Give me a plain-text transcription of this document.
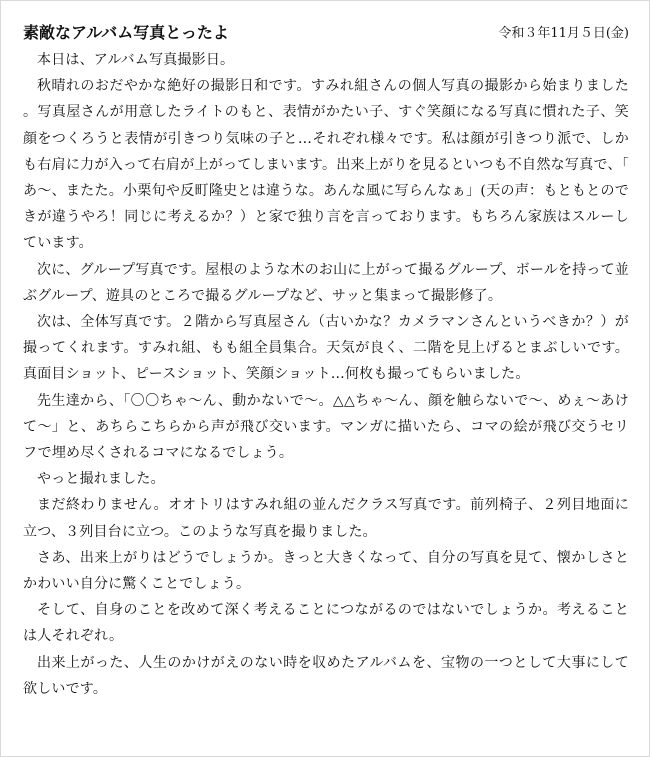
素敵なアルバム写真とったよ	令和３年11月５日(金)

本日は、アルバム写真撮影日。

秋晴れのおだやかな絶好の撮影日和です。すみれ組さんの個人写真の撮影から始まりました。写真屋さんが用意したライトのもと、表情がかたい子、すぐ笑顔になる写真に慣れた子、笑顔をつくろうと表情が引きつり気味の子と…それぞれ様々です。私は顔が引きつり派で、しかも右肩に力が入って右肩が上がってしまいます。出来上がりを見るといつも不自然な写真で、「あ～、またた。小栗旬や反町隆史とは違うな。あんな風に写らんなぁ」(天の声：もともとのできが違うやろ！同じに考えるか？）と家で独り言を言っております。もちろん家族はスルーしています。

次に、グループ写真です。屋根のような木のお山に上がって撮るグループ、ボールを持って並ぶグループ、遊具のところで撮るグループなど、サッと集まって撮影修了。

次は、全体写真です。２階から写真屋さん（古いかな？カメラマンさんというべきか？）が撮ってくれます。すみれ組、もも組全員集合。天気が良く、二階を見上げるとまぶしいです。真面目ショット、ピースショット、笑顔ショット…何枚も撮ってもらいました。

先生達から、「〇〇ちゃ～ん、動かないで～。△△ちゃ～ん、顔を触らないで～、めぇ～あけて～」と、あちらこちらから声が飛び交います。マンガに描いたら、コマの絵が飛び交うセリフで埋め尽くされるコマになるでしょう。

やっと撮れました。

まだ終わりません。オオトリはすみれ組の並んだクラス写真です。前列椅子、２列目地面に立つ、３列目台に立つ。このような写真を撮りました。

さあ、出来上がりはどうでしょうか。きっと大きくなって、自分の写真を見て、懐かしさとかわいい自分に驚くことでしょう。

そして、自身のことを改めて深く考えることにつながるのではないでしょうか。考えることは人それぞれ。

出来上がった、人生のかけがえのない時を収めたアルバムを、宝物の一つとして大事にして欲しいです。
